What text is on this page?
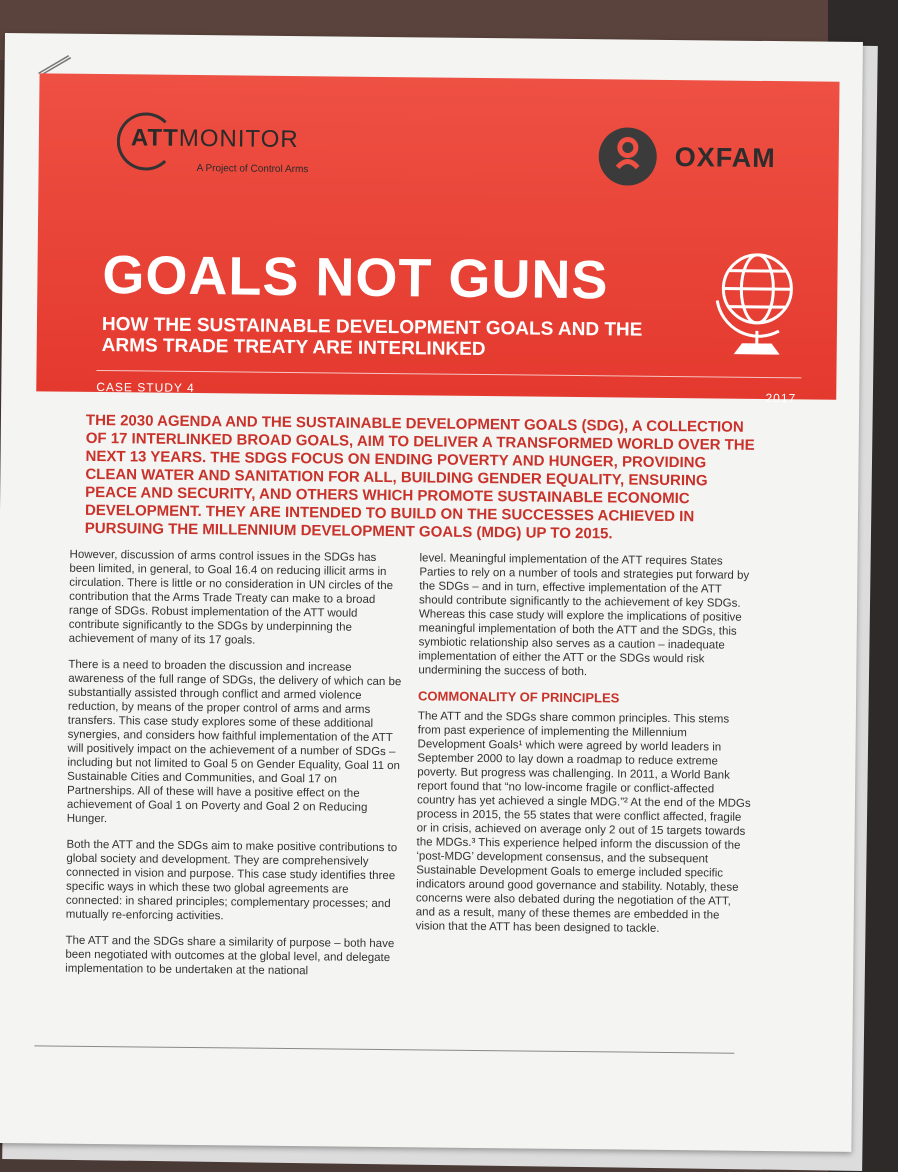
ATTMONITOR
A Project of Control Arms	OXFAM
GOALS NOT GUNS
HOW THE SUSTAINABLE DEVELOPMENT GOALS AND THE ARMS TRADE TREATY ARE INTERLINKED
CASE STUDY 4
2017
THE 2030 AGENDA AND THE SUSTAINABLE DEVELOPMENT GOALS (SDG), A COLLECTION OF 17 INTERLINKED BROAD GOALS, AIM TO DELIVER A TRANSFORMED WORLD OVER THE NEXT 13 YEARS. THE SDGS FOCUS ON ENDING POVERTY AND HUNGER, PROVIDING CLEAN WATER AND SANITATION FOR ALL, BUILDING GENDER EQUALITY, ENSURING PEACE AND SECURITY, AND OTHERS WHICH PROMOTE SUSTAINABLE ECONOMIC DEVELOPMENT. THEY ARE INTENDED TO BUILD ON THE SUCCESSES ACHIEVED IN PURSUING THE MILLENNIUM DEVELOPMENT GOALS (MDG) UP TO 2015.

However, discussion of arms control issues in the SDGs has been limited, in general, to Goal 16.4 on reducing illicit arms in circulation. There is little or no consideration in UN circles of the contribution that the Arms Trade Treaty can make to a broad range of SDGs. Robust implementation of the ATT would contribute significantly to the SDGs by underpinning the achievement of many of its 17 goals.

There is a need to broaden the discussion and increase awareness of the full range of SDGs, the delivery of which can be substantially assisted through conflict and armed violence reduction, by means of the proper control of arms and arms transfers. This case study explores some of these additional synergies, and considers how faithful implementation of the ATT will positively impact on the achievement of a number of SDGs – including but not limited to Goal 5 on Gender Equality, Goal 11 on Sustainable Cities and Communities, and Goal 17 on Partnerships. All of these will have a positive effect on the achievement of Goal 1 on Poverty and Goal 2 on Reducing Hunger.

Both the ATT and the SDGs aim to make positive contributions to global society and development. They are comprehensively connected in vision and purpose. This case study identifies three specific ways in which these two global agreements are connected: in shared principles; complementary processes; and mutually re-enforcing activities.

The ATT and the SDGs share a similarity of purpose – both have been negotiated with outcomes at the global level, and delegate implementation to be undertaken at the national

level. Meaningful implementation of the ATT requires States Parties to rely on a number of tools and strategies put forward by the SDGs – and in turn, effective implementation of the ATT should contribute significantly to the achievement of key SDGs. Whereas this case study will explore the implications of positive meaningful implementation of both the ATT and the SDGs, this symbiotic relationship also serves as a caution – inadequate implementation of either the ATT or the SDGs would risk undermining the success of both.

COMMONALITY OF PRINCIPLES

The ATT and the SDGs share common principles. This stems from past experience of implementing the Millennium Development Goals¹ which were agreed by world leaders in September 2000 to lay down a roadmap to reduce extreme poverty. But progress was challenging. In 2011, a World Bank report found that “no low-income fragile or conflict-affected country has yet achieved a single MDG.”² At the end of the MDGs process in 2015, the 55 states that were conflict affected, fragile or in crisis, achieved on average only 2 out of 15 targets towards the MDGs.³ This experience helped inform the discussion of the ‘post-MDG’ development consensus, and the subsequent Sustainable Development Goals to emerge included specific indicators around good governance and stability. Notably, these concerns were also debated during the negotiation of the ATT, and as a result, many of these themes are embedded in the vision that the ATT has been designed to tackle.
